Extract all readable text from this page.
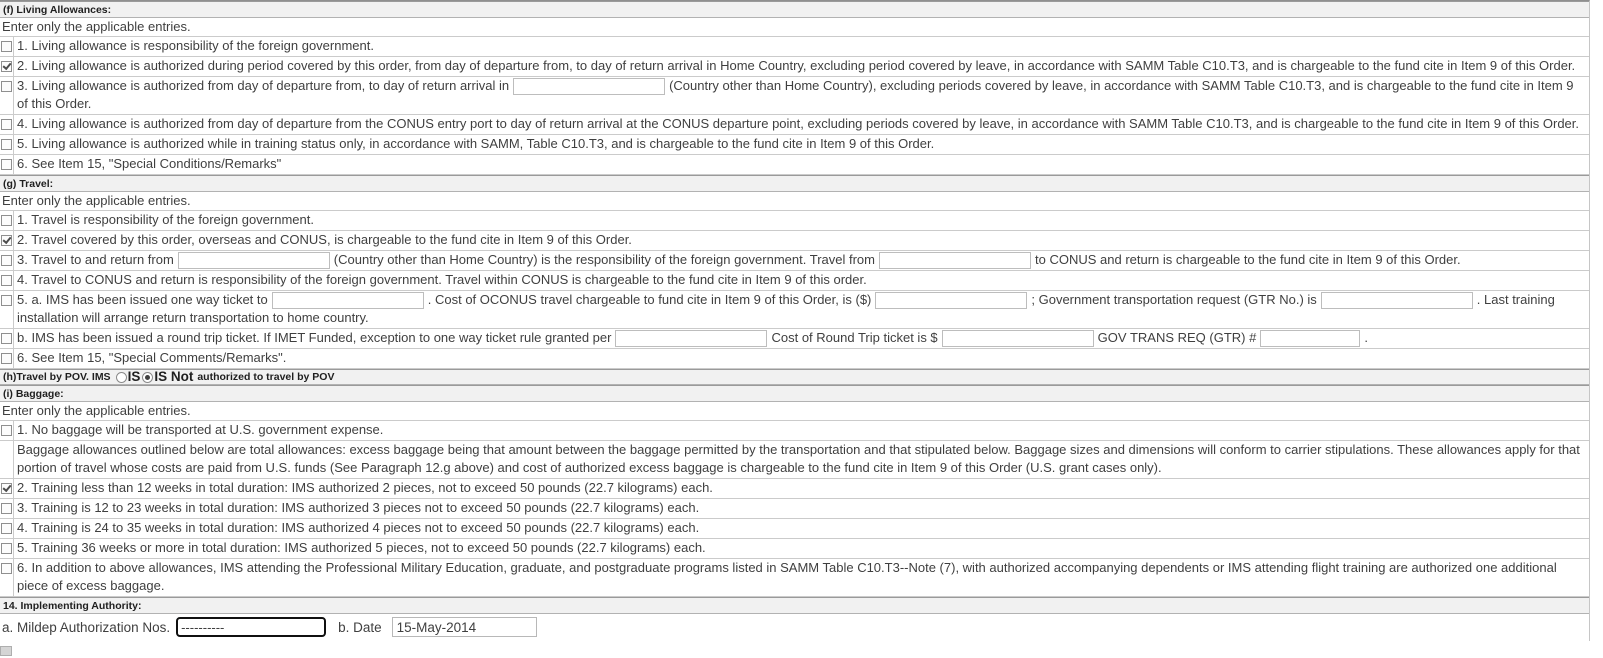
(f) Living Allowances:
Enter only the applicable entries.
1. Living allowance is responsibility of the foreign government.
2. Living allowance is authorized during period covered by this order, from day of departure from, to day of return arrival in Home Country, excluding period covered by leave, in accordance with SAMM Table C10.T3, and is chargeable to the fund cite in Item 9 of this Order.
3. Living allowance is authorized from day of departure from, to day of return arrival in	(Country other than Home Country), excluding periods covered by leave, in accordance with SAMM Table C10.T3, and is chargeable to the fund cite in Item 9 of this Order.
4. Living allowance is authorized from day of departure from the CONUS entry port to day of return arrival at the CONUS departure point, excluding periods covered by leave, in accordance with SAMM Table C10.T3, and is chargeable to the fund cite in Item 9 of this Order.
5. Living allowance is authorized while in training status only, in accordance with SAMM, Table C10.T3, and is chargeable to the fund cite in Item 9 of this Order.
6. See Item 15, "Special Conditions/Remarks"
(g) Travel:
Enter only the applicable entries.
1. Travel is responsibility of the foreign government.
2. Travel covered by this order, overseas and CONUS, is chargeable to the fund cite in Item 9 of this Order.
3. Travel to and return from	(Country other than Home Country) is the responsibility of the foreign government. Travel from	to CONUS and return is chargeable to the fund cite in Item 9 of this Order.
4. Travel to CONUS and return is responsibility of the foreign government. Travel within CONUS is chargeable to the fund cite in Item 9 of this order.
5. a. IMS has been issued one way ticket to	. Cost of OCONUS travel chargeable to fund cite in Item 9 of this Order, is ($)	; Government transportation request (GTR No.) is	. Last training installation will arrange return transportation to home country.
b. IMS has been issued a round trip ticket. If IMET Funded, exception to one way ticket rule granted per	Cost of Round Trip ticket is $	GOV TRANS REQ (GTR) #	.
6. See Item 15, "Special Comments/Remarks".
(h)Travel by POV. IMS IS IS Not authorized to travel by POV
(i) Baggage:
Enter only the applicable entries.
1. No baggage will be transported at U.S. government expense.
Baggage allowances outlined below are total allowances: excess baggage being that amount between the baggage permitted by the transportation and that stipulated below. Baggage sizes and dimensions will conform to carrier stipulations. These allowances apply for that portion of travel whose costs are paid from U.S. funds (See Paragraph 12.g above) and cost of authorized excess baggage is chargeable to the fund cite in Item 9 of this Order (U.S. grant cases only).
2. Training less than 12 weeks in total duration: IMS authorized 2 pieces, not to exceed 50 pounds (22.7 kilograms) each.
3. Training is 12 to 23 weeks in total duration: IMS authorized 3 pieces not to exceed 50 pounds (22.7 kilograms) each.
4. Training is 24 to 35 weeks in total duration: IMS authorized 4 pieces not to exceed 50 pounds (22.7 kilograms) each.
5. Training 36 weeks or more in total duration: IMS authorized 5 pieces, not to exceed 50 pounds (22.7 kilograms) each.
6. In addition to above allowances, IMS attending the Professional Military Education, graduate, and postgraduate programs listed in SAMM Table C10.T3--Note (7), with authorized accompanying dependents or IMS attending flight training are authorized one additional piece of excess baggage.
14. Implementing Authority:
a. Mildep Authorization Nos.
----------	b. Date
15-May-2014
